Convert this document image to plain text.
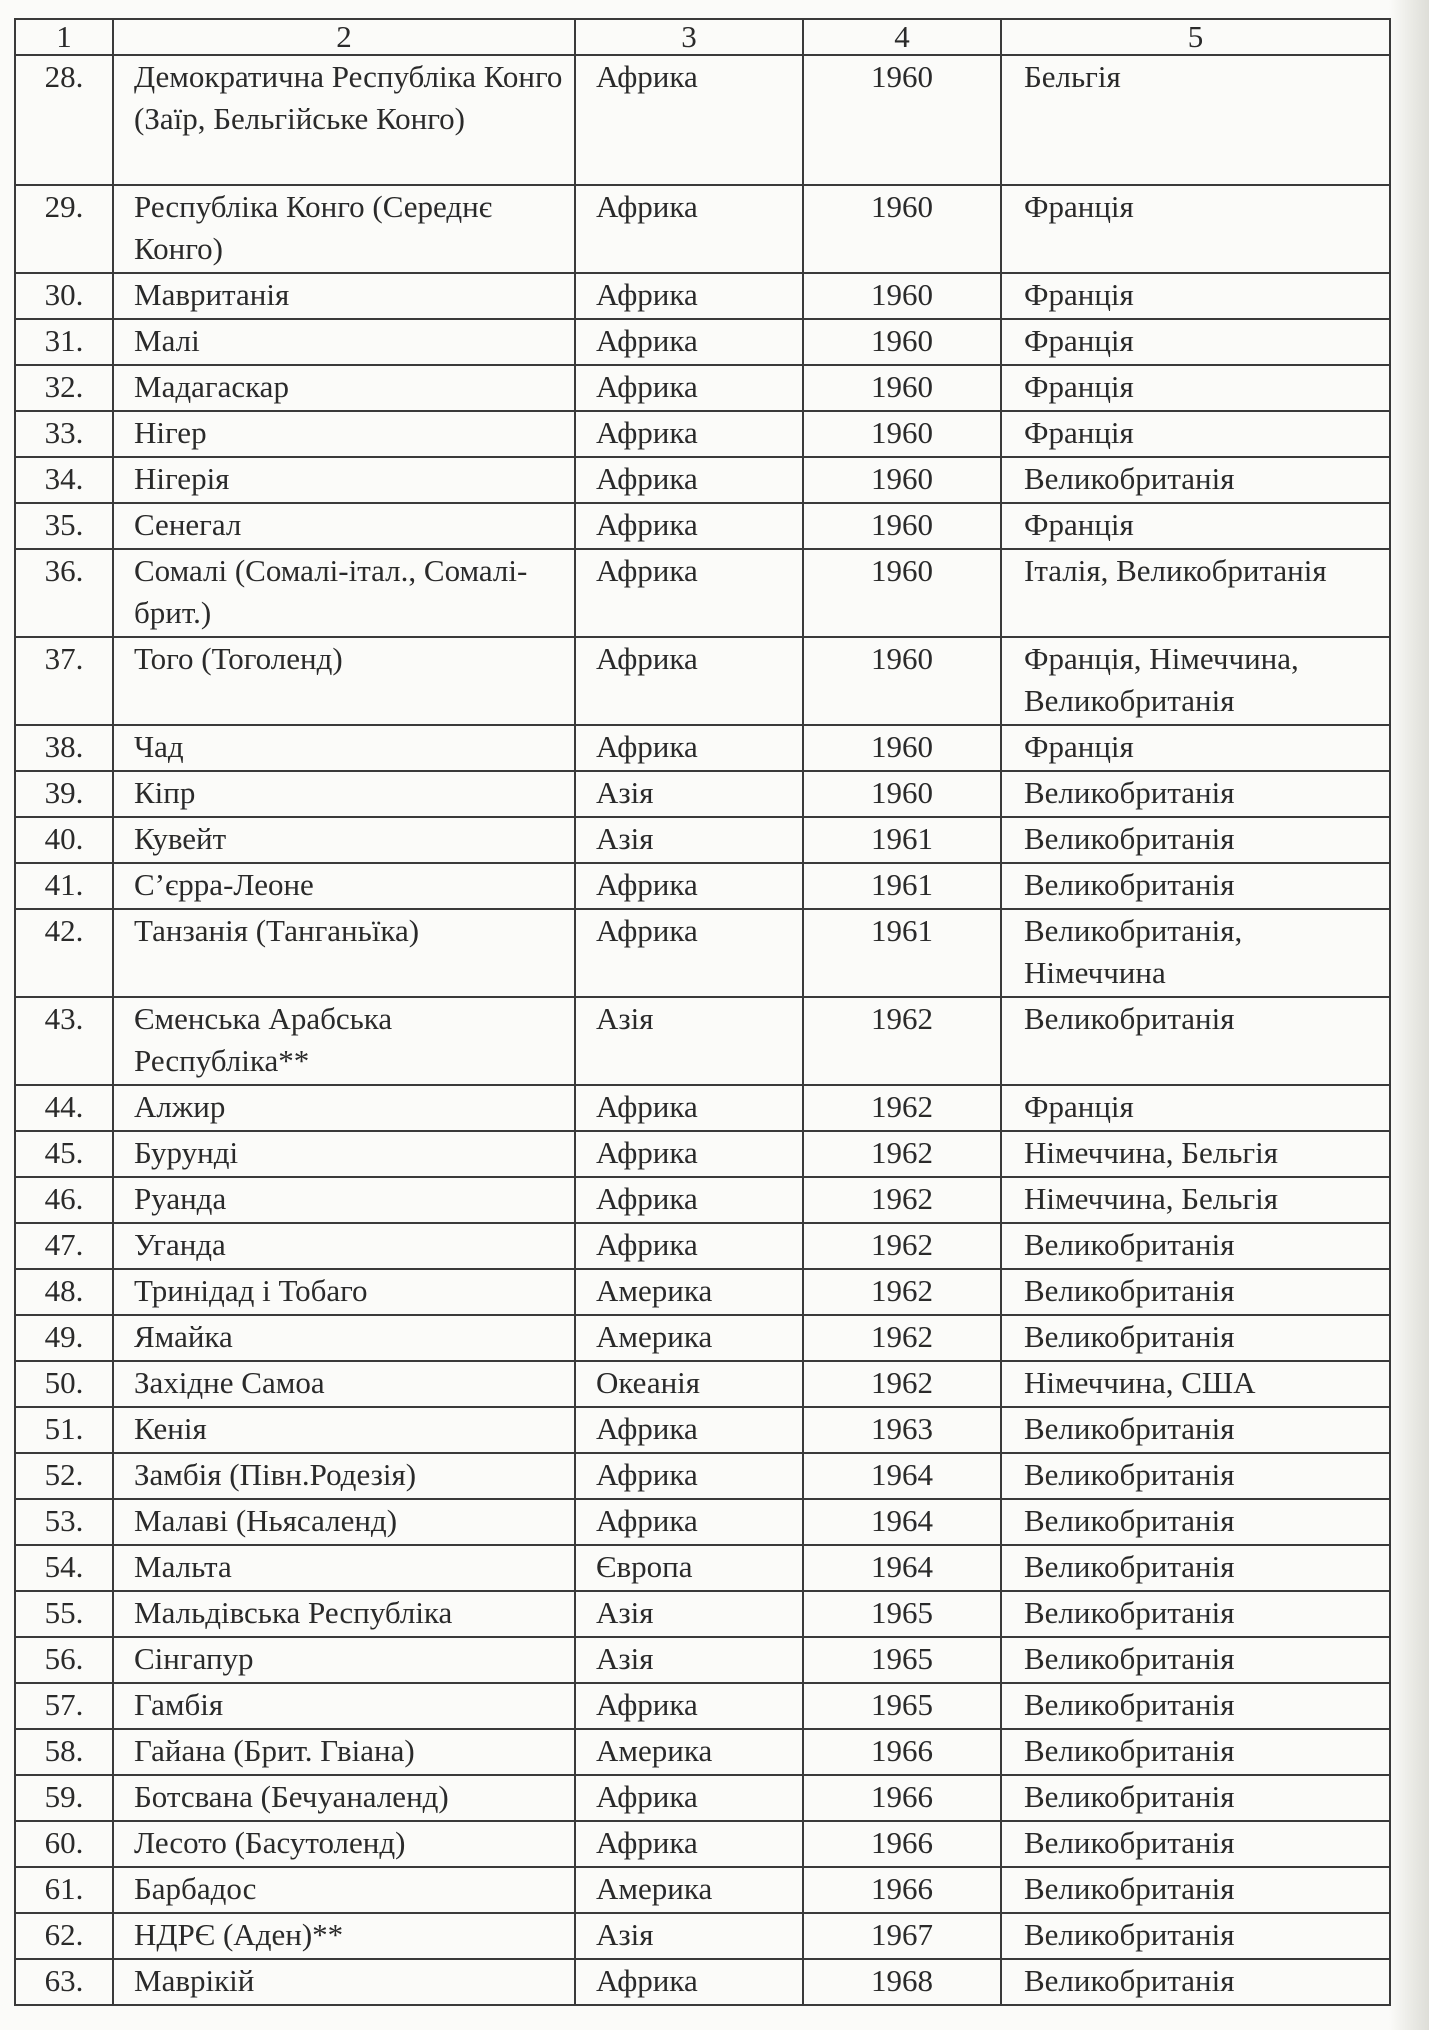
1	2	3	4	5
28.	Демократична Республіка Конго (Заїр, Бельгійське Конго)	Африка	1960	Бельгія
29.	Республіка Конго (Середнє Конго)	Африка	1960	Франція
30.	Мавританія	Африка	1960	Франція
31.	Малі	Африка	1960	Франція
32.	Мадагаскар	Африка	1960	Франція
33.	Нігер	Африка	1960	Франція
34.	Нігерія	Африка	1960	Великобританія
35.	Сенегал	Африка	1960	Франція
36.	Сомалі (Сомалі-італ., Сомалі-брит.)	Африка	1960	Італія, Великобританія
37.	Того (Тоголенд)	Африка	1960	Франція, Німеччина, Великобританія
38.	Чад	Африка	1960	Франція
39.	Кіпр	Азія	1960	Великобританія
40.	Кувейт	Азія	1961	Великобританія
41.	С’єрра-Леоне	Африка	1961	Великобританія
42.	Танзанія (Танганьїка)	Африка	1961	Великобританія, Німеччина
43.	Єменська Арабська Республіка**	Азія	1962	Великобританія
44.	Алжир	Африка	1962	Франція
45.	Бурунді	Африка	1962	Німеччина, Бельгія
46.	Руанда	Африка	1962	Німеччина, Бельгія
47.	Уганда	Африка	1962	Великобританія
48.	Тринідад і Тобаго	Америка	1962	Великобританія
49.	Ямайка	Америка	1962	Великобританія
50.	Західне Самоа	Океанія	1962	Німеччина, США
51.	Кенія	Африка	1963	Великобританія
52.	Замбія (Півн.Родезія)	Африка	1964	Великобританія
53.	Малаві (Ньясаленд)	Африка	1964	Великобританія
54.	Мальта	Європа	1964	Великобританія
55.	Мальдівська Республіка	Азія	1965	Великобританія
56.	Сінгапур	Азія	1965	Великобританія
57.	Гамбія	Африка	1965	Великобританія
58.	Гайана (Брит. Гвіана)	Америка	1966	Великобританія
59.	Ботсвана (Бечуаналенд)	Африка	1966	Великобританія
60.	Лесото (Басутоленд)	Африка	1966	Великобританія
61.	Барбадос	Америка	1966	Великобританія
62.	НДРЄ (Аден)**	Азія	1967	Великобританія
63.	Маврікій	Африка	1968	Великобританія
